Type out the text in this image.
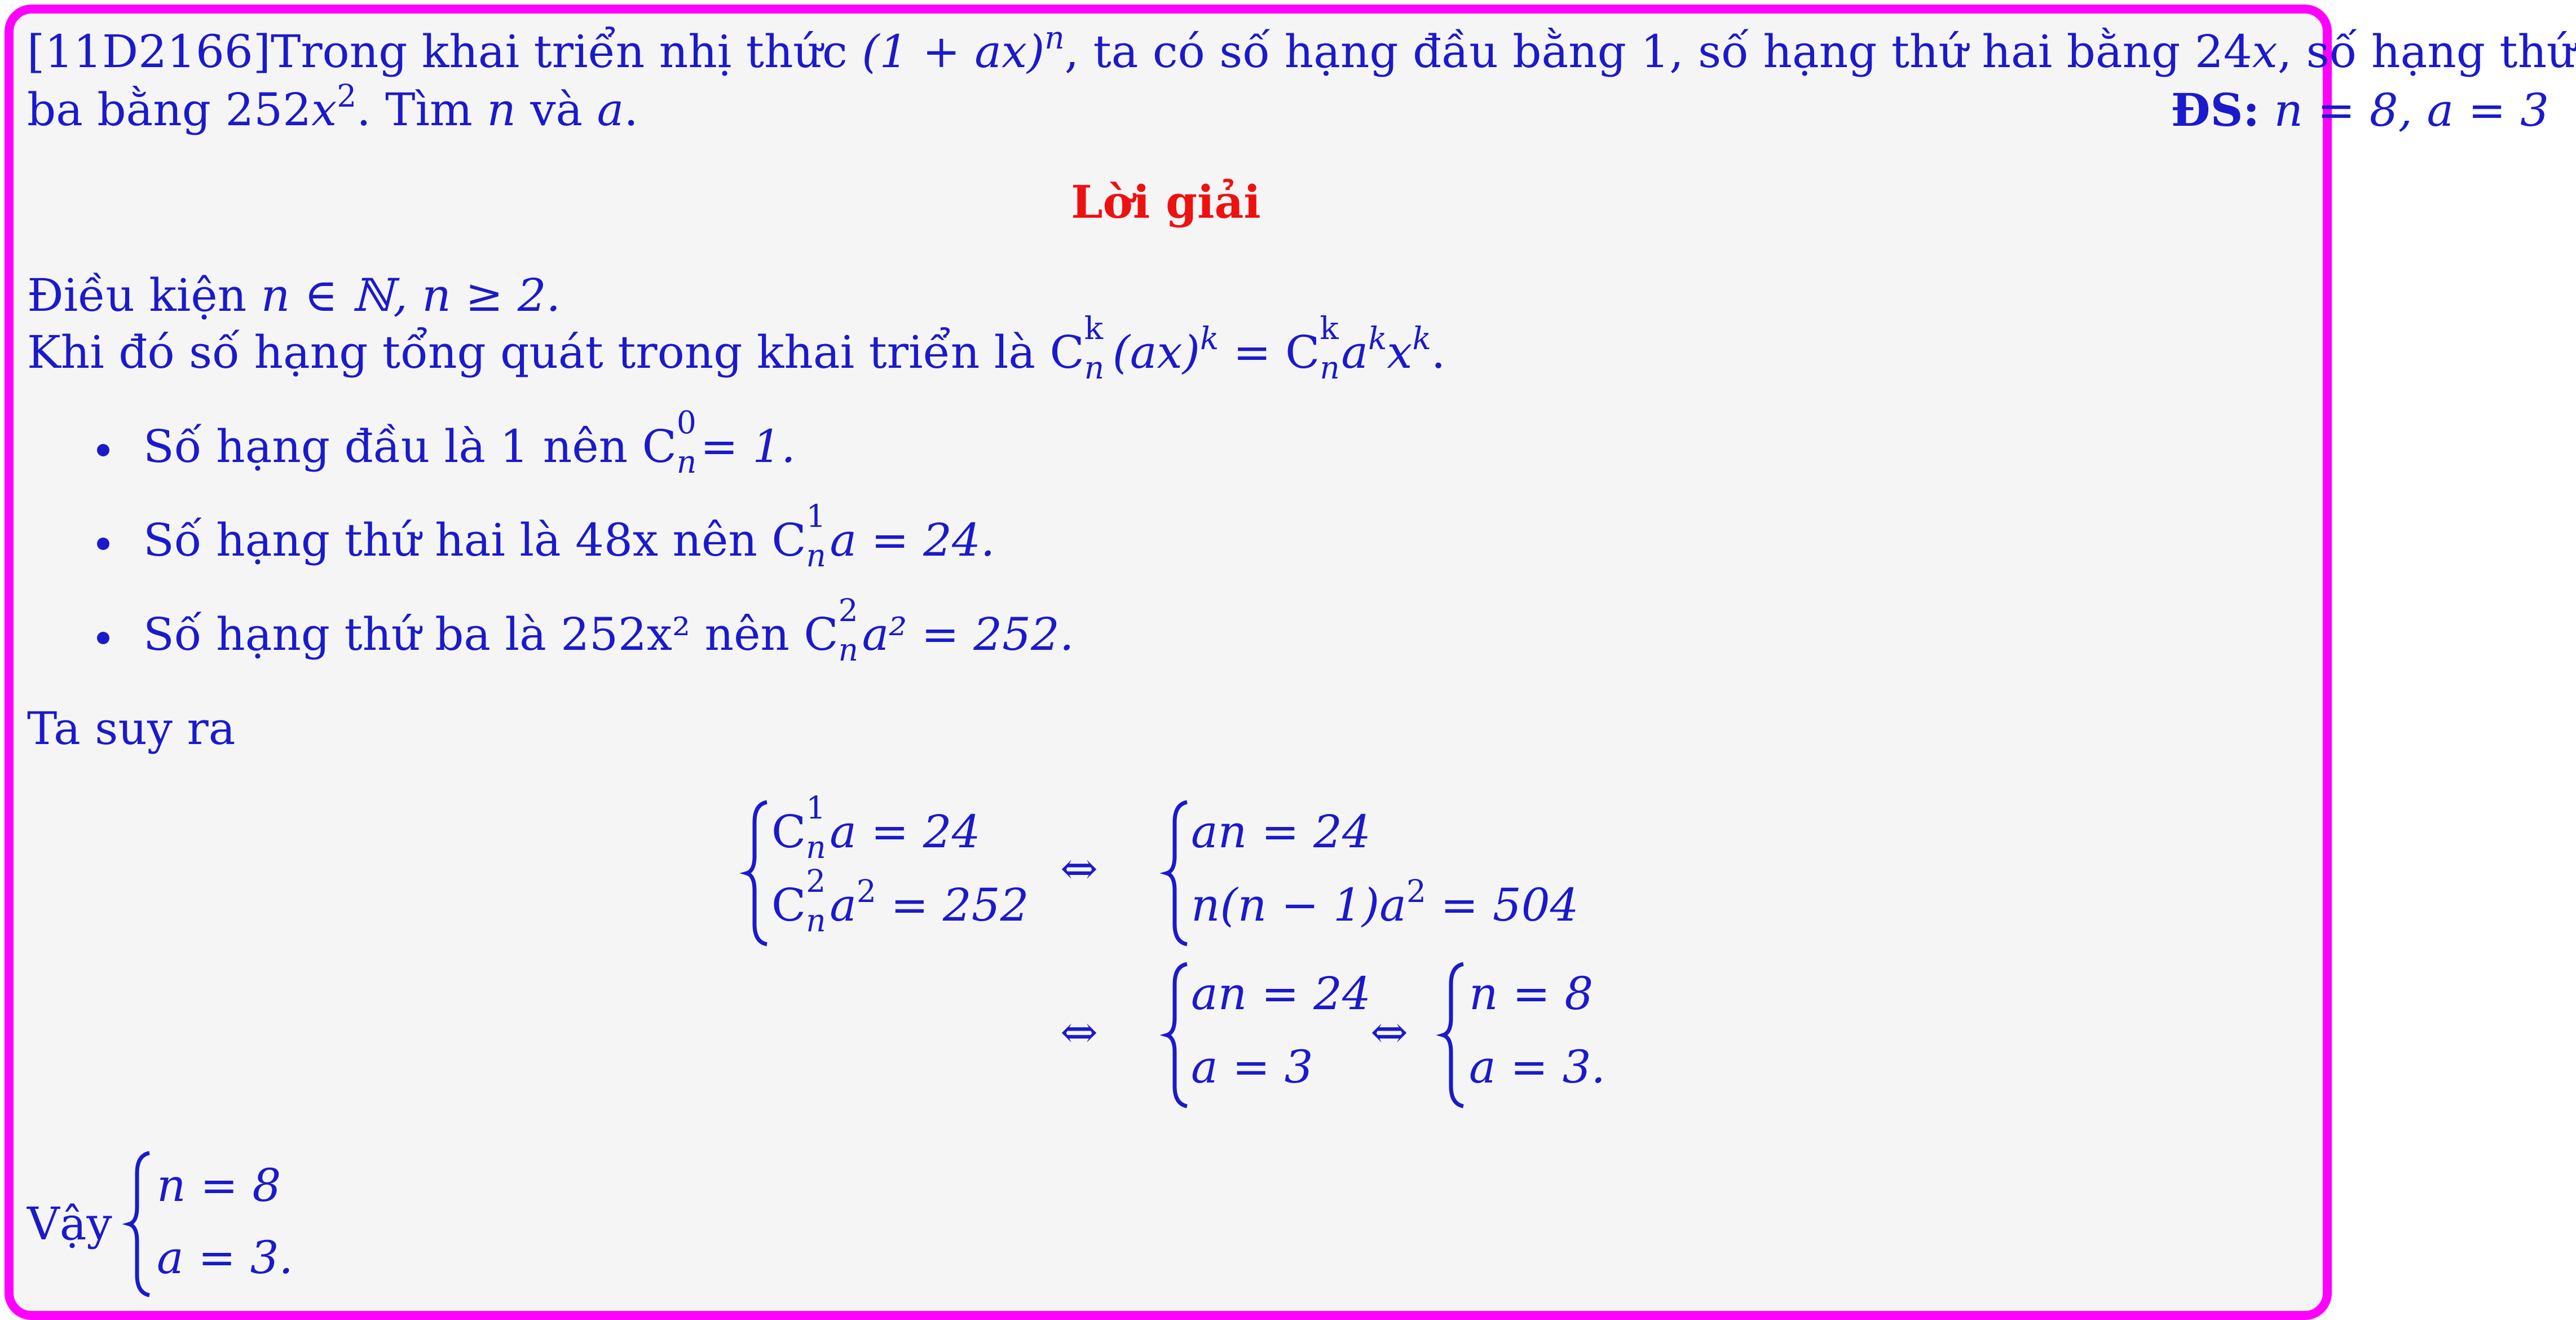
[11D2166]Trong khai triển nhị thức (1 + ax)$^n$, ta có số hạng đầu bằng 1, số hạng thứ hai bằng 24x, số hạng thứ
ba bằng $252x^2$. Tìm n và a.	ĐS: n = 8, a = 3
Lời giải
Điều kiện n ∈ ℕ, n ≥ 2.
Khi đó số hạng tổng quát trong khai triển là C k
n (ax)$^k$ = C k
n $a^kx^k$.
Số hạng đầu là 1 nên C 0
n = 1.
Số hạng thứ hai là 48x nên C 1
n a = 24.
Số hạng thứ ba là 252x² nên C 2
n a² = 252.
Ta suy ra
C 1
n a = 24
C 2
n $a^2 = 252$
⇔
an = 24
$n(n - 1)a^2 = 504$
⇔
an = 24
a = 3
⇔
n = 8
a = 3.
Vậy
n = 8
a = 3.
